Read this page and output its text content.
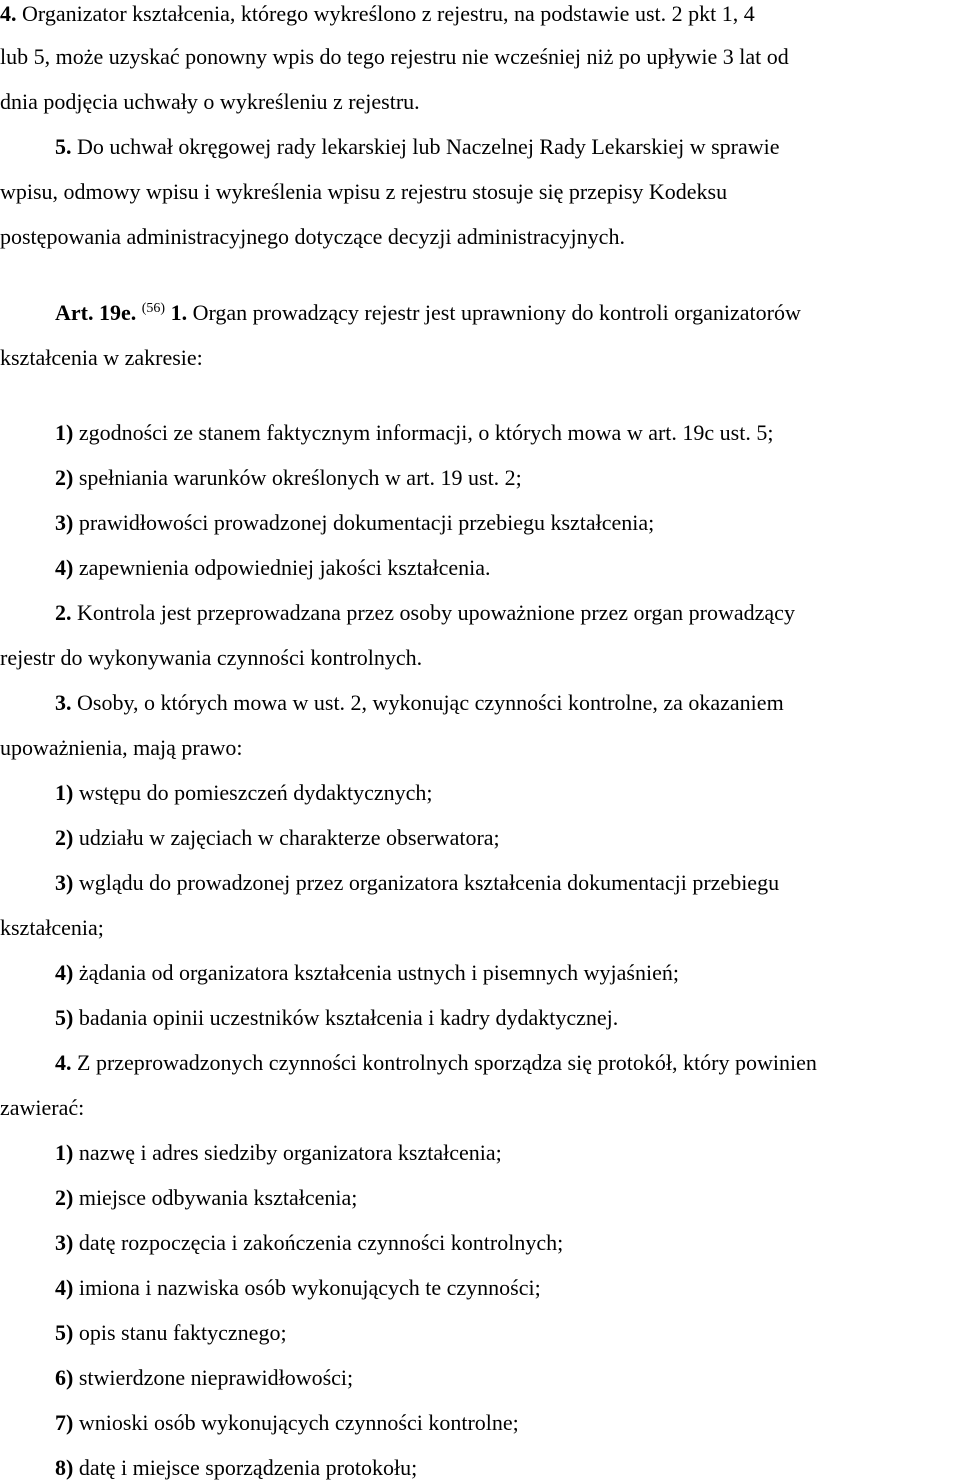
4. Organizator kształcenia, którego wykreślono z rejestru, na podstawie ust. 2 pkt 1, 4
lub 5, może uzyskać ponowny wpis do tego rejestru nie wcześniej niż po upływie 3 lat od
dnia podjęcia uchwały o wykreśleniu z rejestru.
5. Do uchwał okręgowej rady lekarskiej lub Naczelnej Rady Lekarskiej w sprawie
wpisu, odmowy wpisu i wykreślenia wpisu z rejestru stosuje się przepisy Kodeksu
postępowania administracyjnego dotyczące decyzji administracyjnych.
Art. 19e. $^{(56)}$ 1. Organ prowadzący rejestr jest uprawniony do kontroli organizatorów
kształcenia w zakresie:
1) zgodności ze stanem faktycznym informacji, o których mowa w art. 19c ust. 5;
2) spełniania warunków określonych w art. 19 ust. 2;
3) prawidłowości prowadzonej dokumentacji przebiegu kształcenia;
4) zapewnienia odpowiedniej jakości kształcenia.
2. Kontrola jest przeprowadzana przez osoby upoważnione przez organ prowadzący
rejestr do wykonywania czynności kontrolnych.
3. Osoby, o których mowa w ust. 2, wykonując czynności kontrolne, za okazaniem
upoważnienia, mają prawo:
1) wstępu do pomieszczeń dydaktycznych;
2) udziału w zajęciach w charakterze obserwatora;
3) wglądu do prowadzonej przez organizatora kształcenia dokumentacji przebiegu
kształcenia;
4) żądania od organizatora kształcenia ustnych i pisemnych wyjaśnień;
5) badania opinii uczestników kształcenia i kadry dydaktycznej.
4. Z przeprowadzonych czynności kontrolnych sporządza się protokół, który powinien
zawierać:
1) nazwę i adres siedziby organizatora kształcenia;
2) miejsce odbywania kształcenia;
3) datę rozpoczęcia i zakończenia czynności kontrolnych;
4) imiona i nazwiska osób wykonujących te czynności;
5) opis stanu faktycznego;
6) stwierdzone nieprawidłowości;
7) wnioski osób wykonujących czynności kontrolne;
8) datę i miejsce sporządzenia protokołu;
